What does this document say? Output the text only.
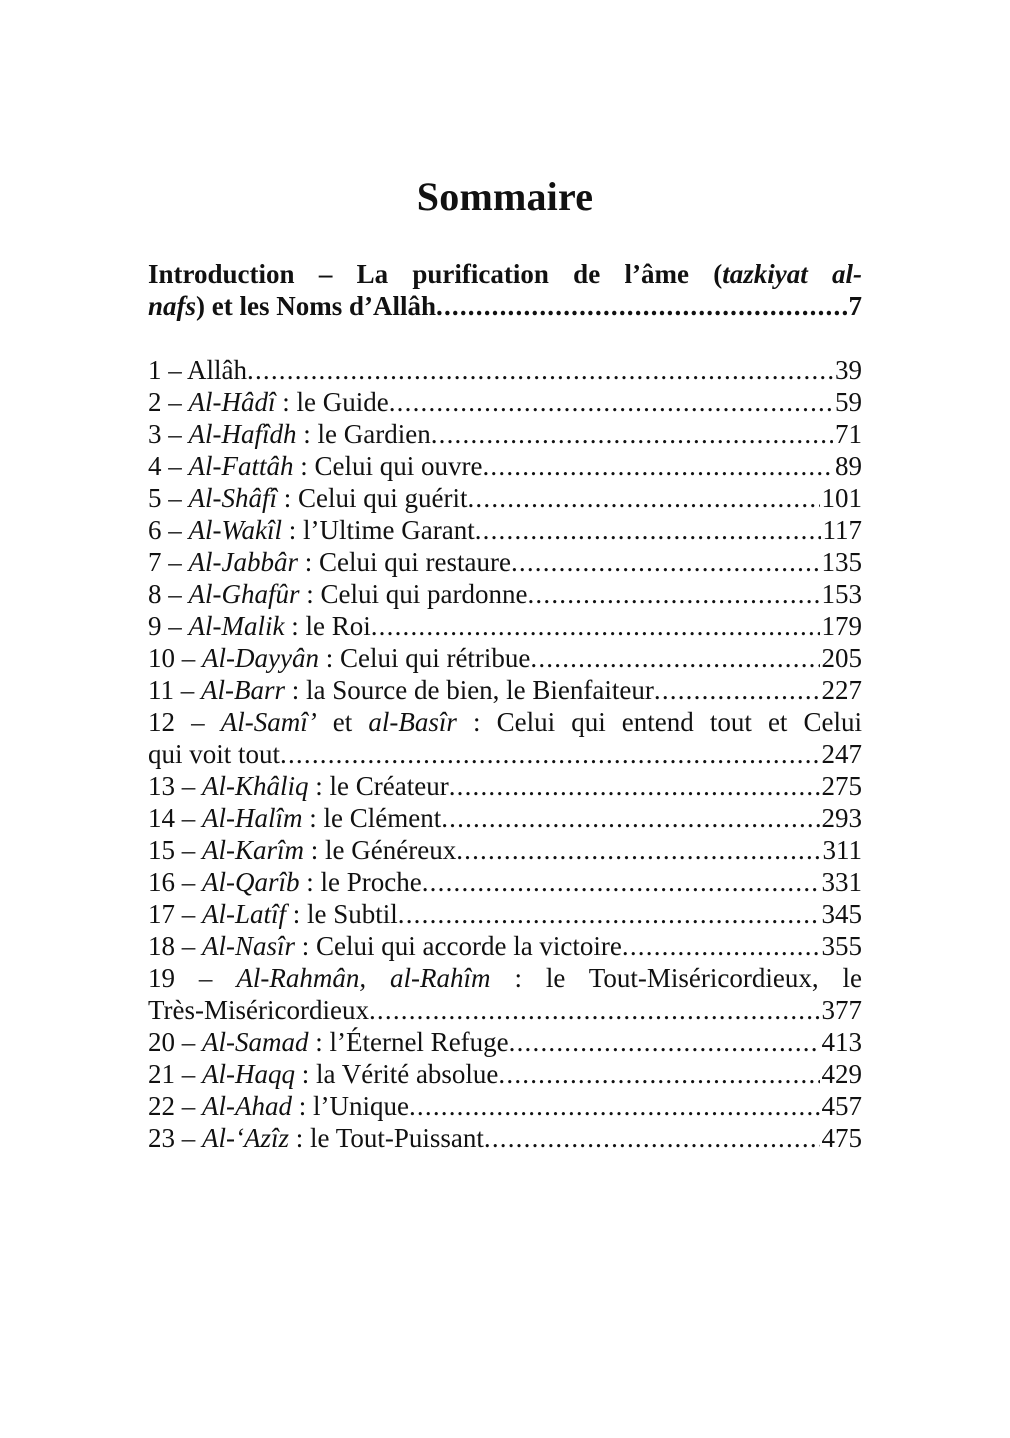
Sommaire
Introduction – La purification de l’âme (tazkiyat al-
nafs) et les Noms d’Allâh .....	7
1 – Allâh .....	39
2 – Al-Hâdî : le Guide .....	59
3 – Al-Hafîdh : le Gardien .....	71
4 – Al-Fattâh : Celui qui ouvre .....	89
5 – Al-Shâfî : Celui qui guérit .....	101
6 – Al-Wakîl : l’Ultime Garant .....	117
7 – Al-Jabbâr : Celui qui restaure .....	135
8 – Al-Ghafûr : Celui qui pardonne .....	153
9 – Al-Malik : le Roi .....	179
10 – Al-Dayyân : Celui qui rétribue .....	205
11 – Al-Barr : la Source de bien, le Bienfaiteur .....	227
12 – Al-Samî’ et al-Basîr : Celui qui entend tout et Celui
qui voit tout .....	247
13 – Al-Khâliq : le Créateur .....	275
14 – Al-Halîm : le Clément .....	293
15 – Al-Karîm : le Généreux .....	311
16 – Al-Qarîb : le Proche .....	331
17 – Al-Latîf : le Subtil .....	345
18 – Al-Nasîr : Celui qui accorde la victoire .....	355
19 – Al-Rahmân, al-Rahîm : le Tout-Miséricordieux, le
Très-Miséricordieux .....	377
20 – Al-Samad : l’Éternel Refuge .....	413
21 – Al-Haqq : la Vérité absolue .....	429
22 – Al-Ahad : l’Unique .....	457
23 – Al-‘Azîz : le Tout-Puissant .....	475
